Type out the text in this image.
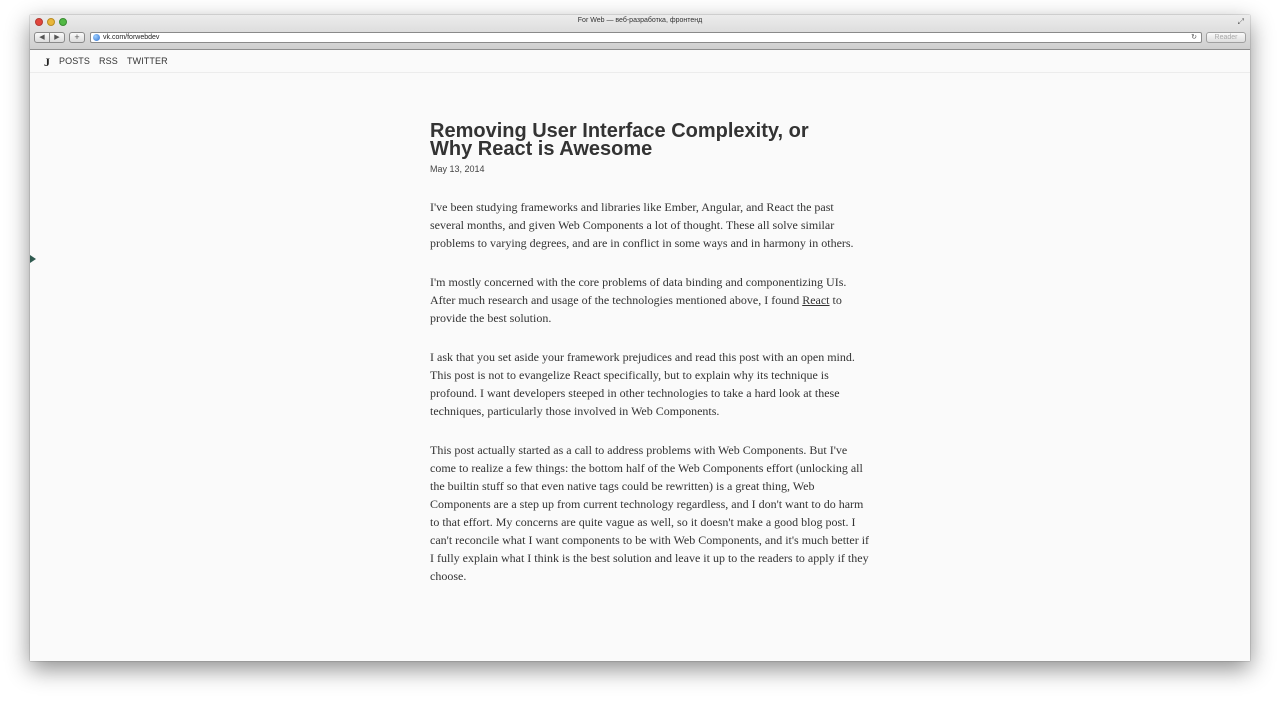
For Web — веб-разработка, фронтенд	⤢
◀	▶	+	vk.com/forwebdev	↻	Reader
J POSTS RSS TWITTER
Removing User Interface Complexity, or Why React is Awesome
May 13, 2014

I've been studying frameworks and libraries like Ember, Angular, and React the past several months, and given Web Components a lot of thought. These all solve similar problems to varying degrees, and are in conflict in some ways and in harmony in others.

I'm mostly concerned with the core problems of data binding and componentizing UIs. After much research and usage of the technologies mentioned above, I found React to provide the best solution.

I ask that you set aside your framework prejudices and read this post with an open mind. This post is not to evangelize React specifically, but to explain why its technique is profound. I want developers steeped in other technologies to take a hard look at these techniques, particularly those involved in Web Components.

This post actually started as a call to address problems with Web Components. But I've come to realize a few things: the bottom half of the Web Components effort (unlocking all the builtin stuff so that even native tags could be rewritten) is a great thing, Web Components are a step up from current technology regardless, and I don't want to do harm to that effort. My concerns are quite vague as well, so it doesn't make a good blog post. I can't reconcile what I want components to be with Web Components, and it's much better if I fully explain what I think is the best solution and leave it up to the readers to apply if they choose.
